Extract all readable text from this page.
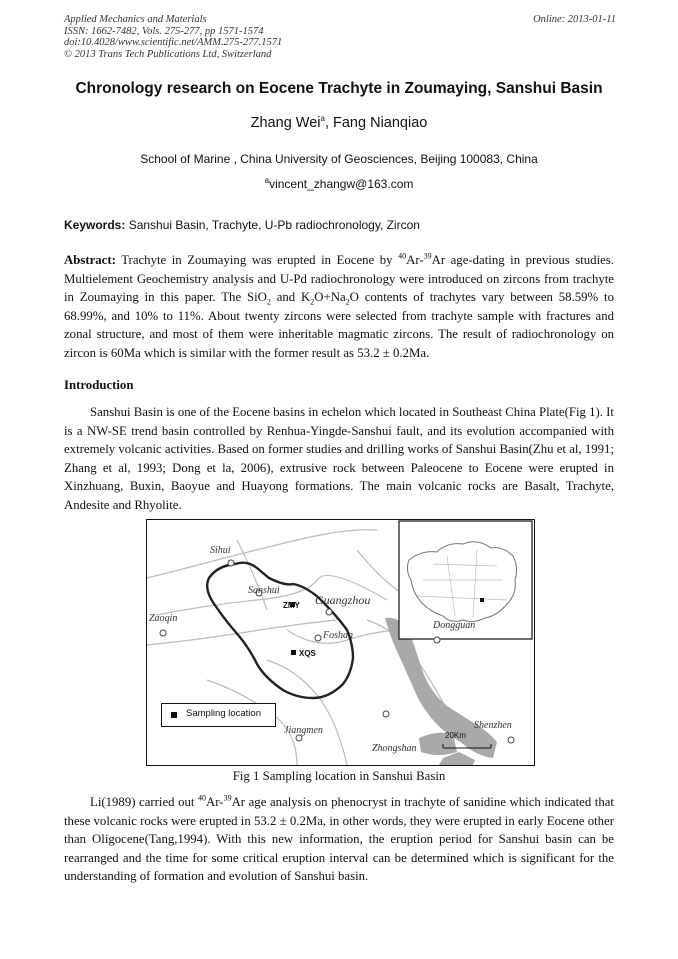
Applied Mechanics and Materials
ISSN: 1662-7482, Vols. 275-277, pp 1571-1574
doi:10.4028/www.scientific.net/AMM.275-277.1571
© 2013 Trans Tech Publications Ltd, Switzerland
Online: 2013-01-11
Chronology research on Eocene Trachyte in Zoumaying, Sanshui Basin
Zhang Wei$^a$, Fang Nianqiao
School of Marine , China University of Geosciences, Beijing 100083, China
$^a$vincent_zhangw@163.com
Keywords: Sanshui Basin, Trachyte, U-Pb radiochronology, Zircon
Abstract: Trachyte in Zoumaying was erupted in Eocene by $^{40}$Ar-$^{39}$Ar age-dating in previous studies. Multielement Geochemistry analysis and U-Pd radiochronology were introduced on zircons from trachyte in Zoumaying in this paper. The SiO$_2$ and $K_2O+Na_2O$ contents of trachytes vary between 58.59% to 68.99%, and 10% to 11%. About twenty zircons were selected from trachyte sample with fractures and zonal structure, and most of them were inheritable magmatic zircons. The result of radiochronology on zircon is 60Ma which is similar with the former result as 53.2 ± 0.2Ma.
Introduction
Sanshui Basin is one of the Eocene basins in echelon which located in Southeast China Plate(Fig 1). It is a NW-SE trend basin controlled by Renhua-Yingde-Sanshui fault, and its evolution accompanied with extremely volcanic activities. Based on former studies and drilling works of Sanshui Basin(Zhu et al, 1991; Zhang et al, 1993; Dong et la, 2006), extrusive rock between Paleocene to Eocene were erupted in Xinzhuang, Buxin, Baoyue and Huayong formations. The main volcanic rocks are Basalt, Trachyte, Andesite and Rhyolite.
Sihui
Sanshui
Guangzhou
Zaoqin
Foshan
Dongguan
Jiangmen
Zhongshan
Shenzhen
ZMY
XQS
Sampling location
20Km
Fig 1 Sampling location in Sanshui Basin
Li(1989) carried out $^{40}$Ar-$^{39}$Ar age analysis on phenocryst in trachyte of sanidine which indicated that these volcanic rocks were erupted in 53.2 ± 0.2Ma, in other words, they were erupted in early Eocene other than Oligocene(Tang,1994). With this new information, the eruption period for Sanshui basin can be rearranged and the time for some critical eruption interval can be determined which is significant for the understanding of formation and evolution of Sanshui basin.
